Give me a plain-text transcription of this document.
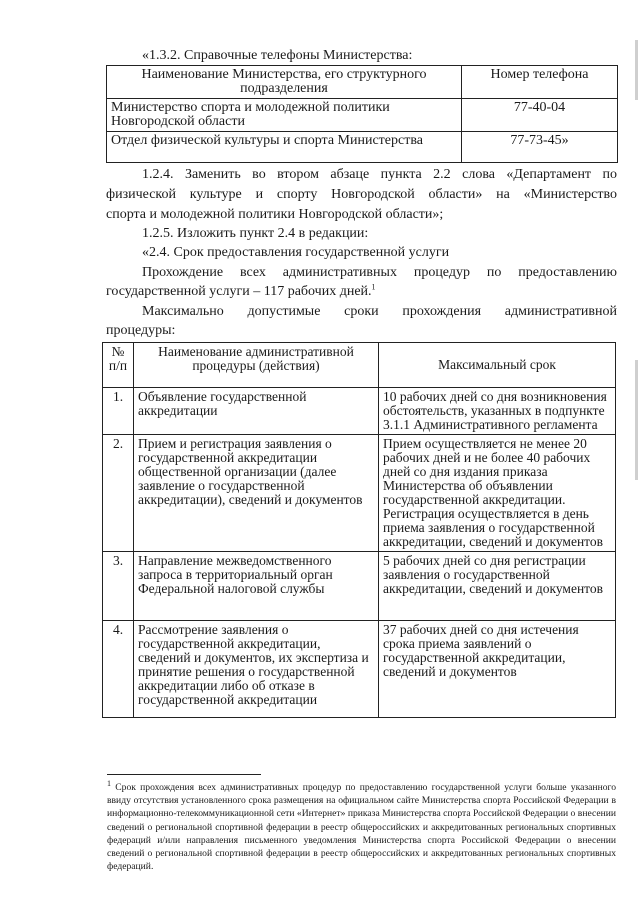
«1.3.2. Справочные телефоны Министерства:
Наименование Министерства, его структурного подразделения	Номер телефона
Министерство спорта и молодежной политики Новгородской области	77-40-04
Отдел физической культуры и спорта Министерства	77-73-45»
1.2.4. Заменить во втором абзаце пункта 2.2 слова «Департамент по
физической культуре и спорту Новгородской области» на «Министерство
спорта и молодежной политики Новгородской области»;
1.2.5. Изложить пункт 2.4 в редакции:
«2.4. Срок предоставления государственной услуги
Прохождение всех административных процедур по предоставлению
государственной услуги – 117 рабочих дней.$^1$
Максимально допустимые сроки прохождения административной
процедуры:
№ п/п	Наименование административной процедуры (действия)	Максимальный срок
1.	Объявление государственной аккредитации	10 рабочих дней со дня возникновения обстоятельств, указанных в подпункте 3.1.1 Административного регламента
2.	Прием и регистрация заявления о государственной аккредитации общественной организации (далее заявление о государственной аккредитации), сведений и документов	Прием осуществляется не менее 20 рабочих дней и не более 40 рабочих дней со дня издания приказа Министерства об объявлении государственной аккредитации. Регистрация осуществляется в день приема заявления о государственной аккредитации, сведений и документов
3.	Направление межведомственного запроса в территориальный орган Федеральной налоговой службы	5 рабочих дней со дня регистрации заявления о государственной аккредитации, сведений и документов
4.	Рассмотрение заявления о государственной аккредитации, сведений и документов, их экспертиза и принятие решения о государственной аккредитации либо об отказе в государственной аккредитации	37 рабочих дней со дня истечения срока приема заявлений о государственной аккредитации, сведений и документов
$^1$ Срок прохождения всех административных процедур по предоставлению государственной услуги больше указанного ввиду отсутствия установленного срока размещения на официальном сайте Министерства спорта Российской Федерации в информационно-телекоммуникационной сети «Интернет» приказа Министерства спорта Российской Федерации о внесении сведений о региональной спортивной федерации в реестр общероссийских и аккредитованных региональных спортивных федераций и/или направления письменного уведомления Министерства спорта Российской Федерации о внесении сведений о региональной спортивной федерации в реестр общероссийских и аккредитованных региональных спортивных федераций.
